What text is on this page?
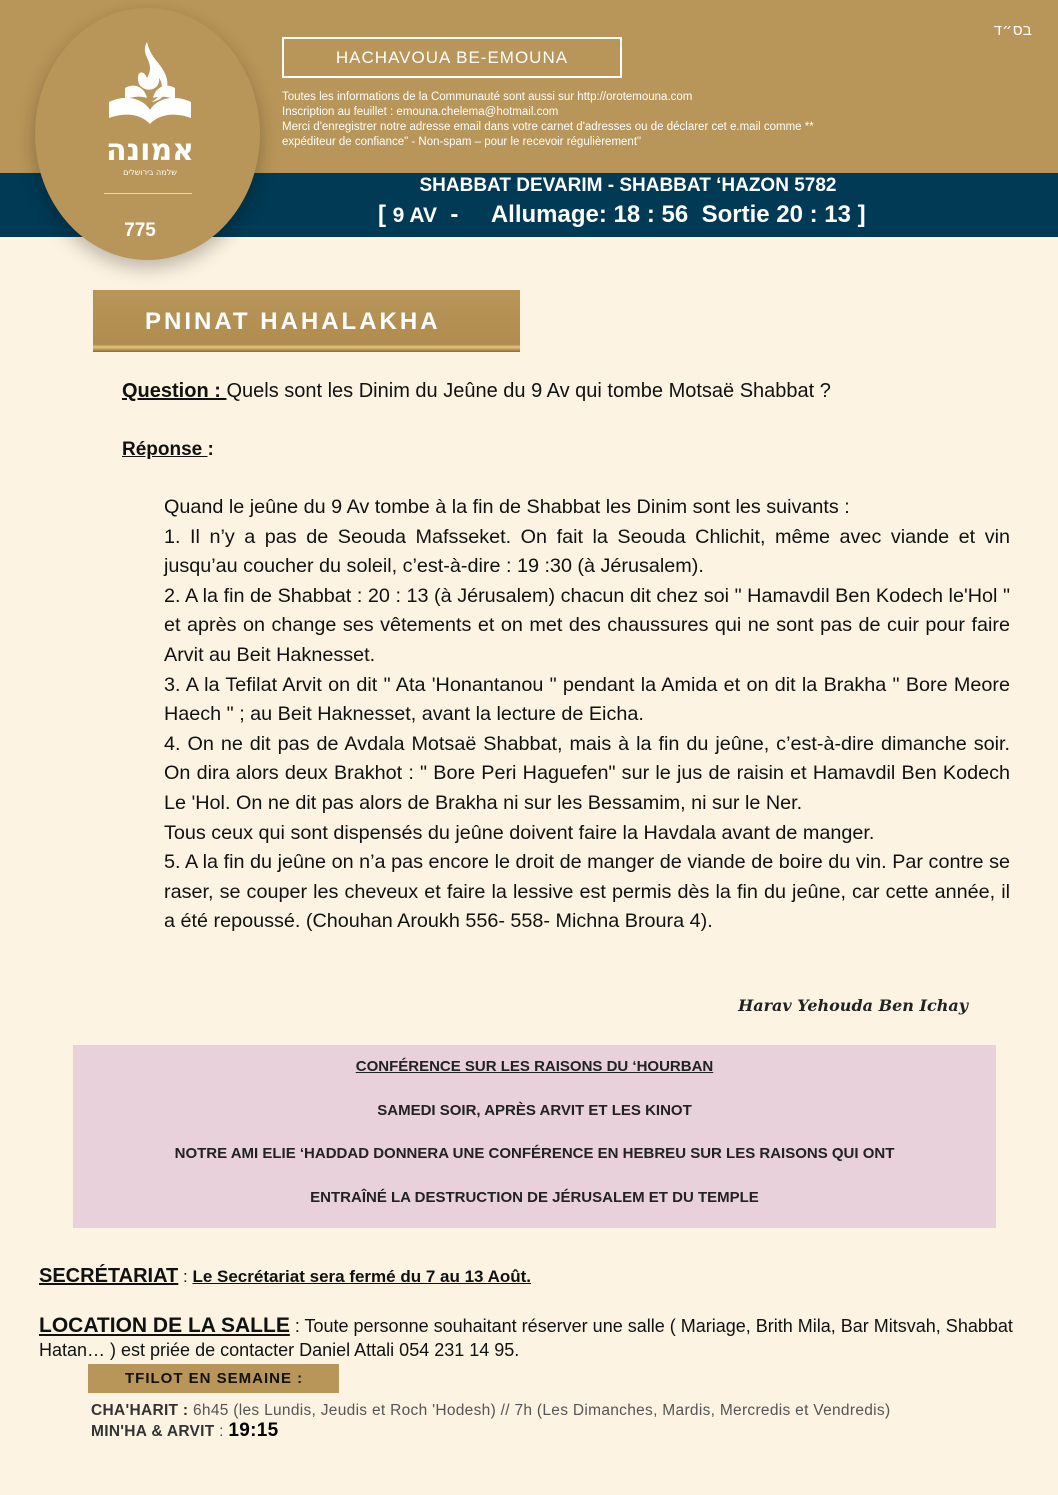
אמונה
שלמה בירושלים
775
בס״ד
HACHAVOUA BE-EMOUNA
Toutes les informations de la Communauté sont aussi sur http://orotemouna.com
Inscription au feuillet : emouna.chelema@hotmail.com
Merci d'enregistrer notre adresse email dans votre carnet d'adresses ou de déclarer cet e.mail comme **
expéditeur de confiance" - Non-spam – pour le recevoir régulièrement"
SHABBAT DEVARIM - SHABBAT ‘HAZON 5782
[ 9 AV - Allumage: 18 : 56 Sortie 20 : 13 ]
PNINAT HAHALAKHA
Question : Quels sont les Dinim du Jeûne du 9 Av qui tombe Motsaë Shabbat ?
Réponse :

Quand le jeûne du 9 Av tombe à la fin de Shabbat les Dinim sont les suivants :

1. Il n’y a pas de Seouda Mafsseket. On fait la Seouda Chlichit, même avec viande et vin jusqu’au coucher du soleil, c’est-à-dire : 19 :30 (à Jérusalem).

2. A la fin de Shabbat : 20 : 13 (à Jérusalem) chacun dit chez soi " Hamavdil Ben Kodech le'Hol " et après on change ses vêtements et on met des chaussures qui ne sont pas de cuir pour faire Arvit au Beit Haknesset.

3. A la Tefilat Arvit on dit " Ata 'Honantanou " pendant la Amida et on dit la Brakha " Bore Meore Haech " ; au Beit Haknesset, avant la lecture de Eicha.

4. On ne dit pas de Avdala Motsaë Shabbat, mais à la fin du jeûne, c’est-à-dire dimanche soir. On dira alors deux Brakhot : " Bore Peri Haguefen" sur le jus de raisin et Hamavdil Ben Kodech Le 'Hol. On ne dit pas alors de Brakha ni sur les Bessamim, ni sur le Ner.

Tous ceux qui sont dispensés du jeûne doivent faire la Havdala avant de manger.

5. A la fin du jeûne on n’a pas encore le droit de manger de viande de boire du vin. Par contre se raser, se couper les cheveux et faire la lessive est permis dès la fin du jeûne, car cette année, il a été repoussé. (Chouhan Aroukh 556- 558- Michna Broura 4).

Harav Yehouda Ben Ichay
CONFÉRENCE SUR LES RAISONS DU ‘HOURBAN
SAMEDI SOIR, APRÈS ARVIT ET LES KINOT
NOTRE AMI ELIE ‘HADDAD DONNERA UNE CONFÉRENCE EN HEBREU SUR LES RAISONS QUI ONT
ENTRAÎNÉ LA DESTRUCTION DE JÉRUSALEM ET DU TEMPLE
SECRÉTARIAT : Le Secrétariat sera fermé du 7 au 13 Août.
LOCATION DE LA SALLE : Toute personne souhaitant réserver une salle ( Mariage, Brith Mila, Bar Mitsvah, Shabbat Hatan… ) est priée de contacter Daniel Attali 054 231 14 95.
TFILOT EN SEMAINE :
CHA'HARIT : 6h45 (les Lundis, Jeudis et Roch 'Hodesh) // 7h (Les Dimanches, Mardis, Mercredis et Vendredis)
MIN'HA & ARVIT : 19:15
